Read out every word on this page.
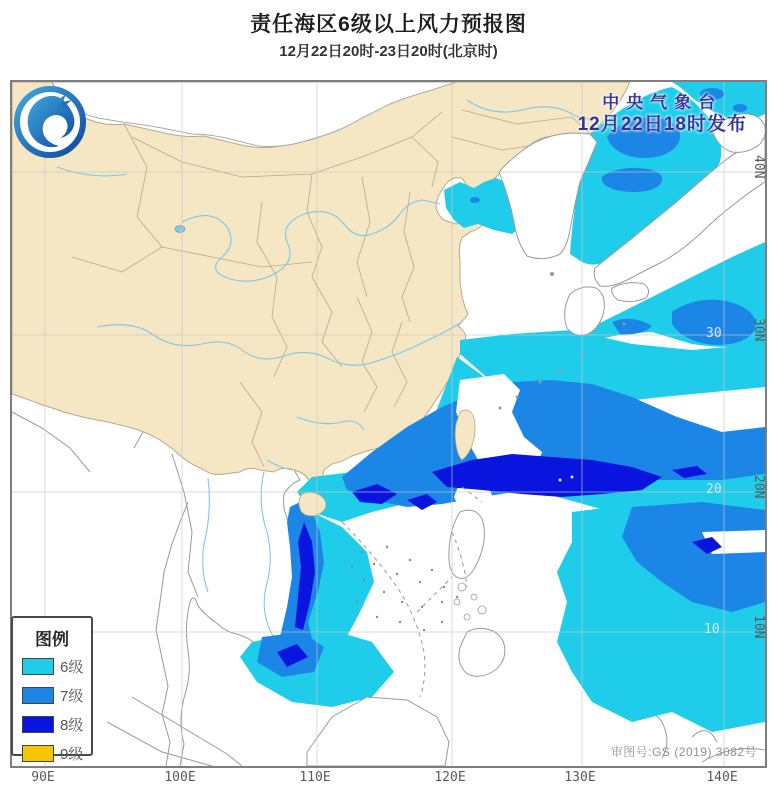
责任海区6级以上风力预报图
12月22日20时-23日20时(北京时)
中央气象台
12月22日18时发布
30
20
10
图例
6级
7级
8级
9级	审图号:GS (2019) 3082号
90E	100E	110E	120E	130E	140E
40N
30N
20N
10N
